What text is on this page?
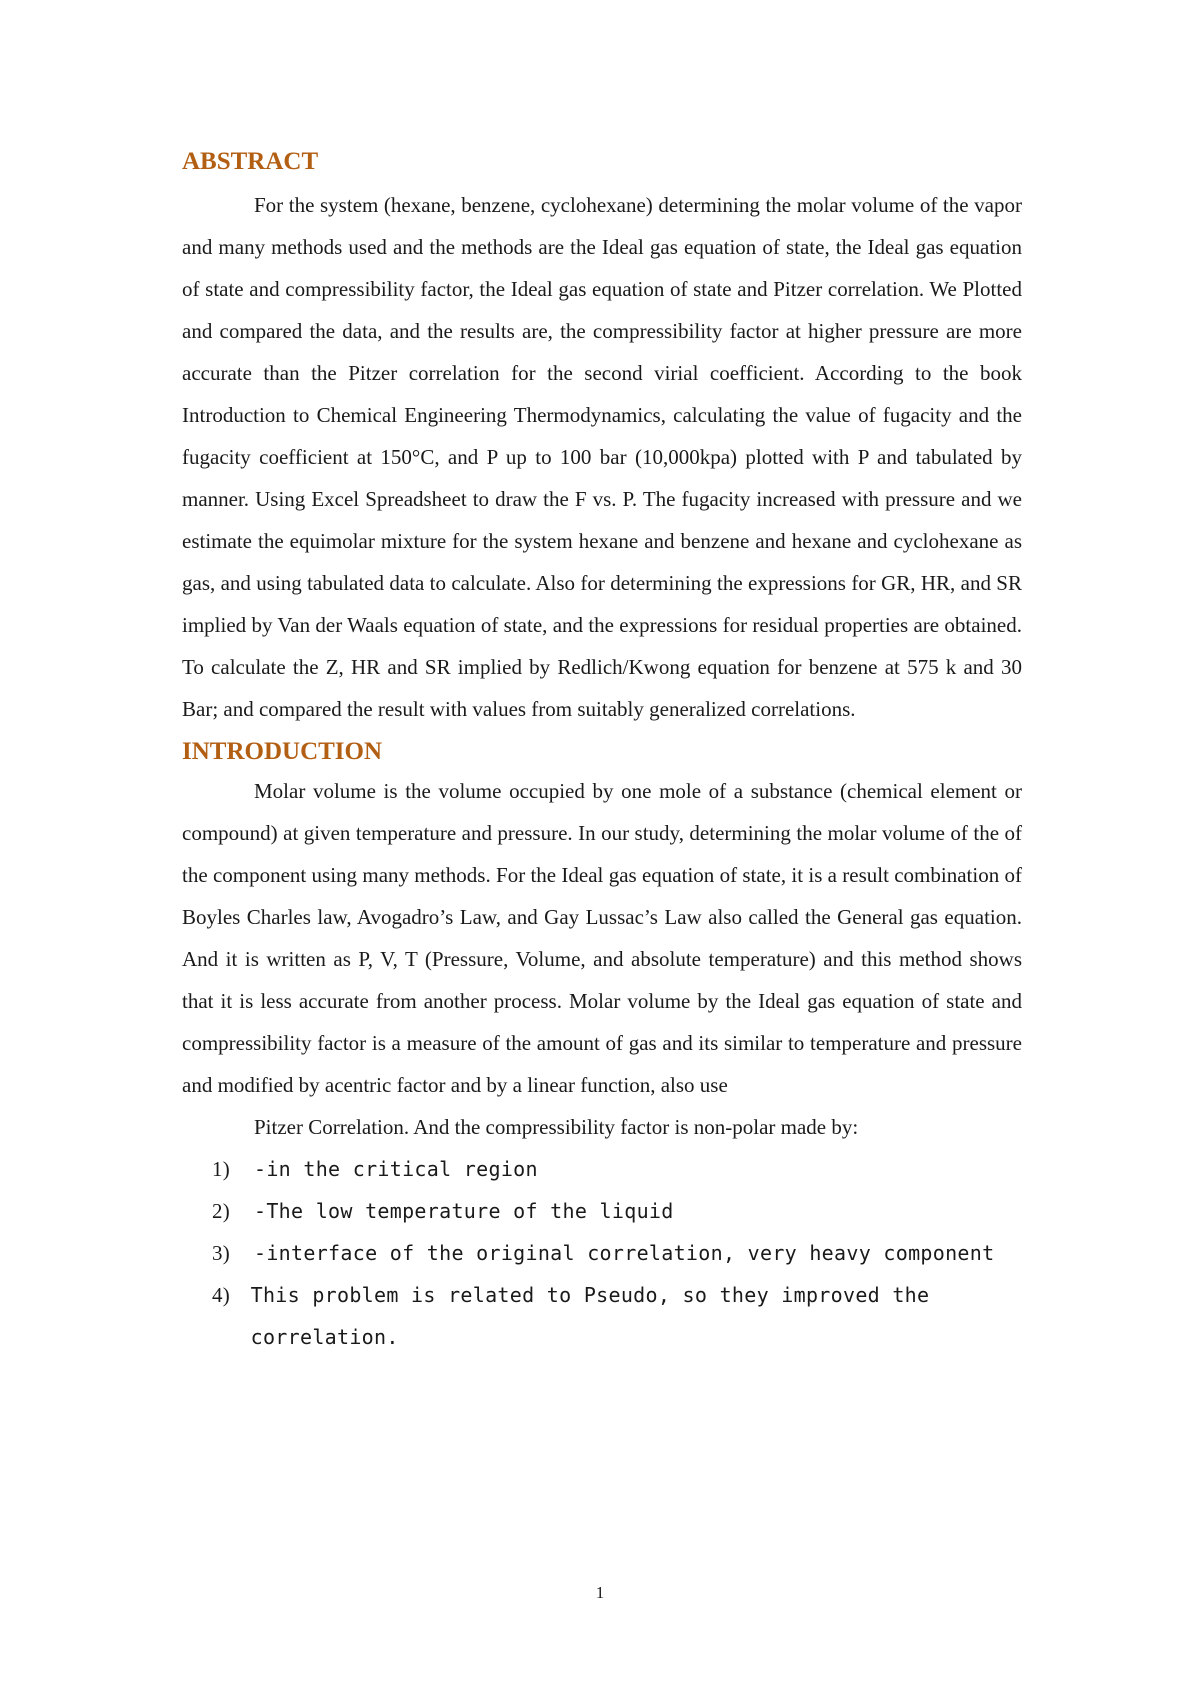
ABSTRACT

For the system (hexane, benzene, cyclohexane) determining the molar volume of the vapor and many methods used and the methods are the Ideal gas equation of state, the Ideal gas equation of state and compressibility factor, the Ideal gas equation of state and Pitzer correlation. We Plotted and compared the data, and the results are, the compressibility factor at higher pressure are more accurate than the Pitzer correlation for the second virial coefficient. According to the book Introduction to Chemical Engineering Thermodynamics, calculating the value of fugacity and the fugacity coefficient at 150°C, and P up to 100 bar (10,000kpa) plotted with P and tabulated by manner. Using Excel Spreadsheet to draw the F vs. P. The fugacity increased with pressure and we estimate the equimolar mixture for the system hexane and benzene and hexane and cyclohexane as gas, and using tabulated data to calculate. Also for determining the expressions for GR, HR, and SR implied by Van der Waals equation of state, and the expressions for residual properties are obtained. To calculate the Z, HR and SR implied by Redlich/Kwong equation for benzene at 575 k and 30 Bar; and compared the result with values from suitably generalized correlations.

INTRODUCTION

Molar volume is the volume occupied by one mole of a substance (chemical element or compound) at given temperature and pressure. In our study, determining the molar volume of the of the component using many methods. For the Ideal gas equation of state, it is a result combination of Boyles Charles law, Avogadro’s Law, and Gay Lussac’s Law also called the General gas equation. And it is written as P, V, T (Pressure, Volume, and absolute temperature) and this method shows that it is less accurate from another process. Molar volume by the Ideal gas equation of state and compressibility factor is a measure of the amount of gas and its similar to temperature and pressure and modified by acentric factor and by a linear function, also use

Pitzer Correlation. And the compressibility factor is non-polar made by:

1)	-in the critical region
2)	-The low temperature of the liquid
3)	-interface of the original correlation, very heavy component
4)	This problem is related to Pseudo, so they improved the correlation.
1
